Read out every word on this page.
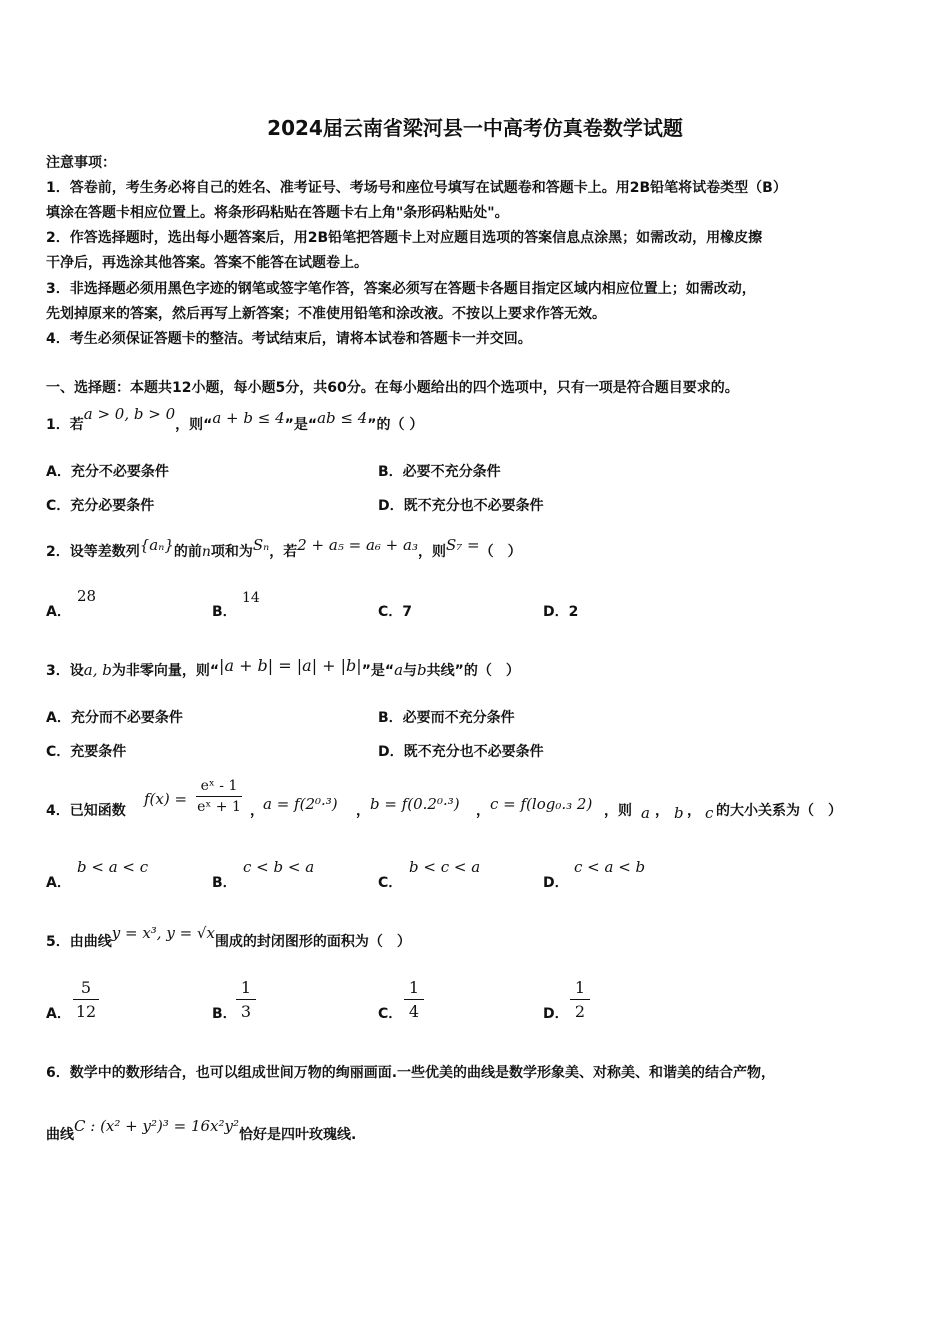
2024届云南省梁河县一中高考仿真卷数学试题
注意事项：
1．答卷前，考生务必将自己的姓名、准考证号、考场号和座位号填写在试题卷和答题卡上。用2B铅笔将试卷类型（B）
填涂在答题卡相应位置上。将条形码粘贴在答题卡右上角"条形码粘贴处"。
2．作答选择题时，选出每小题答案后，用2B铅笔把答题卡上对应题目选项的答案信息点涂黑；如需改动，用橡皮擦
干净后，再选涂其他答案。答案不能答在试题卷上。
3．非选择题必须用黑色字迹的钢笔或签字笔作答，答案必须写在答题卡各题目指定区域内相应位置上；如需改动，
先划掉原来的答案，然后再写上新答案；不准使用铅笔和涂改液。不按以上要求作答无效。
4．考生必须保证答题卡的整洁。考试结束后，请将本试卷和答题卡一并交回。
一、选择题：本题共12小题，每小题5分，共60分。在每小题给出的四个选项中，只有一项是符合题目要求的。
1．若a > 0, b > 0，则“a + b ≤ 4”是“ab ≤ 4”的（ ）
A．充分不必要条件	B．必要不充分条件
C．充分必要条件	D．既不充分也不必要条件
2．设等差数列{aₙ}的前n项和为Sₙ，若2 + a₅ = a₆ + a₃，则S₇ =（　）
A．
28
B．
14
C．7	D．2
3．设a, b为非零向量，则“|a + b| = |a| + |b|”是“a与b共线”的（　）
A．充分而不必要条件	B．必要而不充分条件
C．充要条件	D．既不充分也不必要条件
4．已知函数
$f(x) = \frac{\text{eˣ - 1}}{\text{eˣ + 1}}$ ， a = f(2⁰·³) ， b = f(0.2⁰·³) ， c = f(log₀.₃ 2) ，则 a ， b ， c 的大小关系为（　）
A．
b < a < c
B．
c < b < a
C．
b < c < a
D．
c < a < b
5．由曲线y = x³, y = √x围成的封闭图形的面积为（　）
A． $\frac{5}{12}$	B． $\frac{1}{3}$	C． $\frac{1}{4}$	D． $\frac{1}{2}$
6．数学中的数形结合，也可以组成世间万物的绚丽画面.一些优美的曲线是数学形象美、对称美、和谐美的结合产物，
曲线C : (x² + y²)³ = 16x²y²恰好是四叶玫瑰线.
